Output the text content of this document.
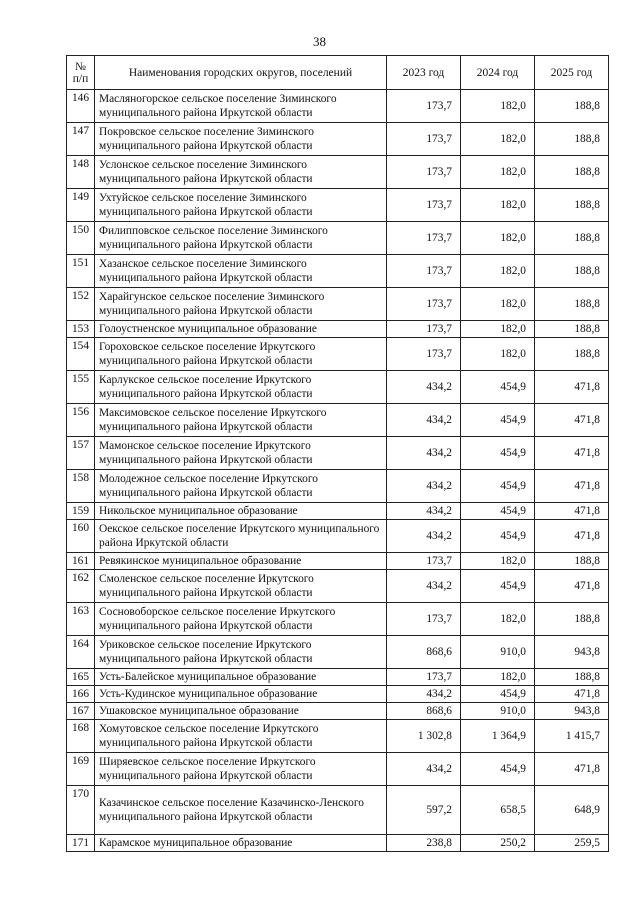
38
№ п/п	Наименования городских округов, поселений	2023 год	2024 год	2025 год
146	Масляногорское сельское поселение Зиминского муниципального района Иркутской области	173,7	182,0	188,8
147	Покровское сельское поселение Зиминского муниципального района Иркутской области	173,7	182,0	188,8
148	Услонское сельское поселение Зиминского муниципального района Иркутской области	173,7	182,0	188,8
149	Ухтуйское сельское поселение Зиминского муниципального района Иркутской области	173,7	182,0	188,8
150	Филипповское сельское поселение Зиминского муниципального района Иркутской области	173,7	182,0	188,8
151	Хазанское сельское поселение Зиминского муниципального района Иркутской области	173,7	182,0	188,8
152	Харайгунское сельское поселение Зиминского муниципального района Иркутской области	173,7	182,0	188,8
153	Голоустненское муниципальное образование	173,7	182,0	188,8
154	Гороховское сельское поселение Иркутского муниципального района Иркутской области	173,7	182,0	188,8
155	Карлукское сельское поселение Иркутского муниципального района Иркутской области	434,2	454,9	471,8
156	Максимовское сельское поселение Иркутского муниципального района Иркутской области	434,2	454,9	471,8
157	Мамонское сельское поселение Иркутского муниципального района Иркутской области	434,2	454,9	471,8
158	Молодежное сельское поселение Иркутского муниципального района Иркутской области	434,2	454,9	471,8
159	Никольское муниципальное образование	434,2	454,9	471,8
160	Оекское сельское поселение Иркутского муниципального района Иркутской области	434,2	454,9	471,8
161	Ревякинское муниципальное образование	173,7	182,0	188,8
162	Смоленское сельское поселение Иркутского муниципального района Иркутской области	434,2	454,9	471,8
163	Сосновоборское сельское поселение Иркутского муниципального района Иркутской области	173,7	182,0	188,8
164	Уриковское сельское поселение Иркутского муниципального района Иркутской области	868,6	910,0	943,8
165	Усть-Балейское муниципальное образование	173,7	182,0	188,8
166	Усть-Кудинское муниципальное образование	434,2	454,9	471,8
167	Ушаковское муниципальное образование	868,6	910,0	943,8
168	Хомутовское сельское поселение Иркутского муниципального района Иркутской области	1 302,8	1 364,9	1 415,7
169	Ширяевское сельское поселение Иркутского муниципального района Иркутской области	434,2	454,9	471,8
170	Казачинское сельское поселение Казачинско-Ленского муниципального района Иркутской области	597,2	658,5	648,9
171	Карамское муниципальное образование	238,8	250,2	259,5
